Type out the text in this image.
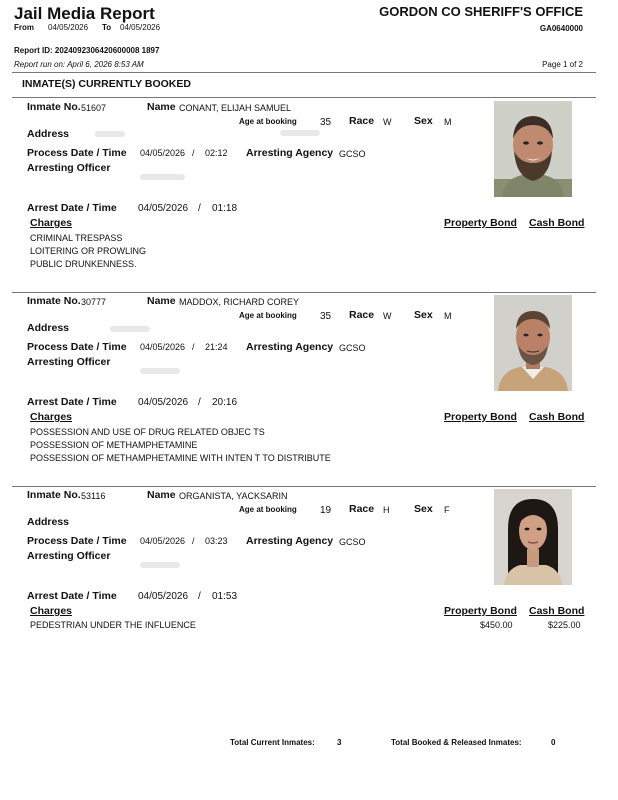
Jail Media Report	GORDON CO SHERIFF'S OFFICE
From 04/05/2026 To 04/05/2026	GA0640000
Report ID: 2024092306420600008 1897
Report run on: April 6, 2026 8:53 AM	Page 1 of 2
INMATE(S) CURRENTLY BOOKED
Inmate No. 51607	Name CONANT, ELIJAH SAMUEL
Age at booking 35 Race W Sex M
Address
Process Date / Time 04/05/2026 / 02:12 Arresting Agency GCSO
Arresting Officer
Arrest Date / Time 04/05/2026 / 01:18
Charges	Property Bond Cash Bond
CRIMINAL TRESPASS
LOITERING OR PROWLING
PUBLIC DRUNKENNESS.
Inmate No. 30777	Name MADDOX, RICHARD COREY
Age at booking 35 Race W Sex M
Address
Process Date / Time 04/05/2026 / 21:24 Arresting Agency GCSO
Arresting Officer
Arrest Date / Time 04/05/2026 / 20:16
Charges	Property Bond Cash Bond
POSSESSION AND USE OF DRUG RELATED OBJEC TS
POSSESSION OF METHAMPHETAMINE
POSSESSION OF METHAMPHETAMINE WITH INTEN T TO DISTRIBUTE
Inmate No. 53116	Name ORGANISTA, YACKSARIN
Age at booking 19 Race H Sex F
Address
Process Date / Time 04/05/2026 / 03:23 Arresting Agency GCSO
Arresting Officer
Arrest Date / Time 04/05/2026 / 01:53
Charges	Property Bond Cash Bond
PEDESTRIAN UNDER THE INFLUENCE	$450.00	$225.00
Total Current Inmates:	3	Total Booked & Released Inmates:	0
